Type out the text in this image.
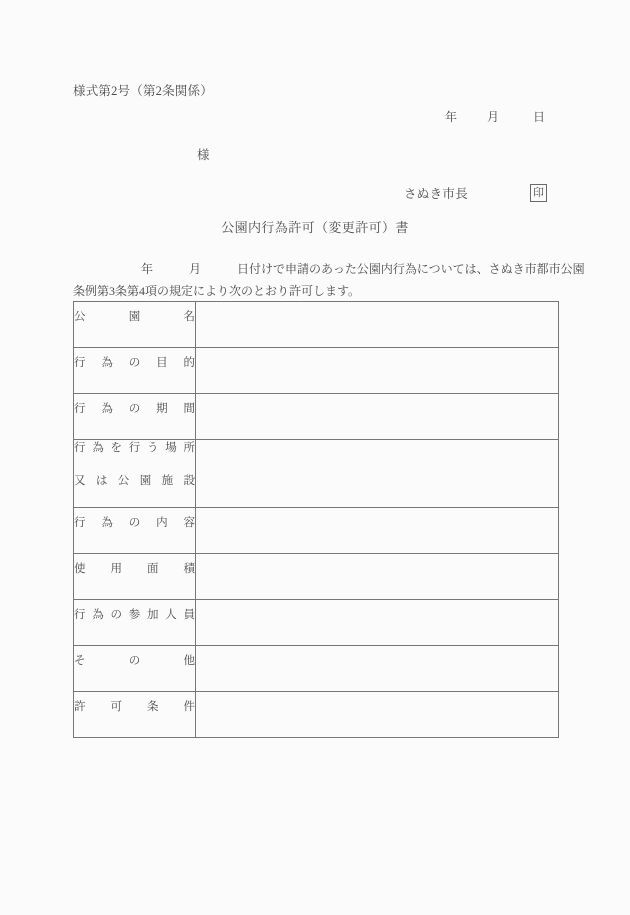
様式第2号（第2条関係）
年	月	日
様
さぬき市長	印
公園内行為許可（変更許可）書
年	月	日付けで申請のあった公園内行為については、さぬき市都市公園
条例第3条第4項の規定により次のとおり許可します。
公園名	

行為の目的	

行為の期間	

行為を行う場所
又は公園施設	

行為の内容	

使用面積	

行為の参加人員	

その他	

許可条件	
